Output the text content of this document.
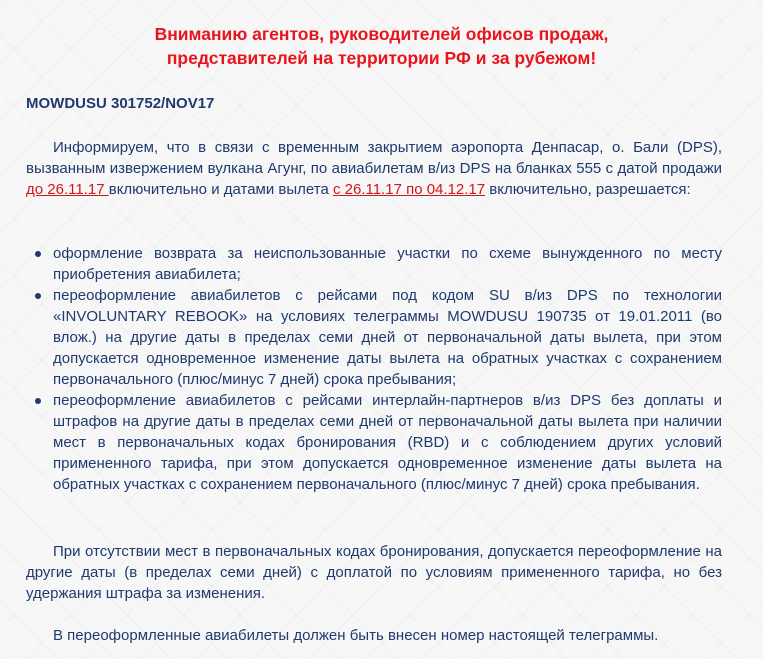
Вниманию агентов, руководителей офисов продаж,
представителей на территории РФ и за рубежом!
MOWDUSU 301752/NOV17
Информируем, что в связи с временным закрытием аэропорта Денпасар, о. Бали (DPS), вызванным извержением вулкана Агунг, по авиабилетам в/из DPS на бланках 555 с датой продажи до 26.11.17 включительно и датами вылета с 26.11.17 по 04.12.17 включительно, разрешается:
оформление возврата за неиспользованные участки по схеме вынужденного по месту приобретения авиабилета;
переоформление авиабилетов с рейсами под кодом SU в/из DPS по технологии «INVOLUNTARY REBOOK» на условиях телеграммы MOWDUSU 190735 от 19.01.2011 (во влож.) на другие даты в пределах семи дней от первоначальной даты вылета, при этом допускается одновременное изменение даты вылета на обратных участках с сохранением первоначального (плюс/минус 7 дней) срока пребывания;
переоформление авиабилетов с рейсами интерлайн-партнеров в/из DPS без доплаты и штрафов на другие даты в пределах семи дней от первоначальной даты вылета при наличии мест в первоначальных кодах бронирования (RBD) и с соблюдением других условий примененного тарифа, при этом допускается одновременное изменение даты вылета на обратных участках с сохранением первоначального (плюс/минус 7 дней) срока пребывания.
При отсутствии мест в первоначальных кодах бронирования, допускается переоформление на другие даты (в пределах семи дней) с доплатой по условиям примененного тарифа, но без удержания штрафа за изменения.
В переоформленные авиабилеты должен быть внесен номер настоящей телеграммы.
